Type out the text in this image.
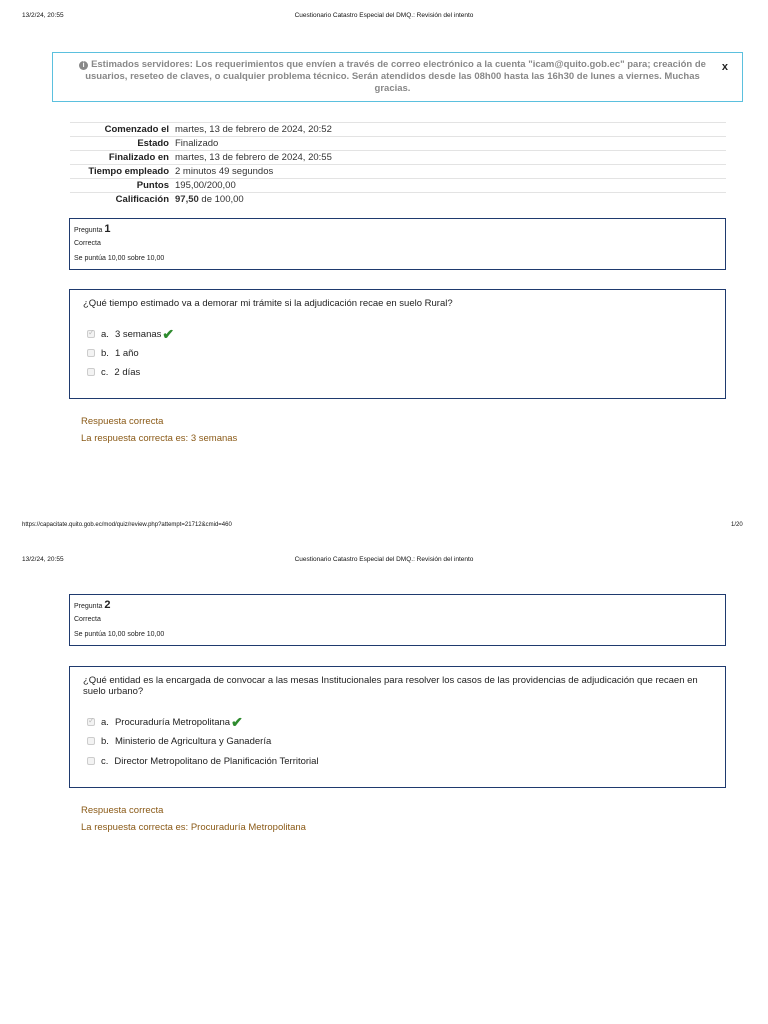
13/2/24, 20:55	Cuestionario Catastro Especial del DMQ.: Revisión del intento
i Estimados servidores: Los requerimientos que envíen a través de correo electrónico a la cuenta "icam@quito.gob.ec" para; creación de usuarios, reseteo de claves, o cualquier problema técnico. Serán atendidos desde las 08h00 hasta las 16h30 de lunes a viernes. Muchas gracias.
x
Comenzado el	martes, 13 de febrero de 2024, 20:52
Estado	Finalizado
Finalizado en	martes, 13 de febrero de 2024, 20:55
Tiempo empleado	2 minutos 49 segundos
Puntos	195,00/200,00
Calificación	97,50 de 100,00
Pregunta 1
Correcta
Se puntúa 10,00 sobre 10,00
¿Qué tiempo estimado va a demorar mi trámite si la adjudicación recae en suelo Rural?
✓
a. 3 semanas ✔
b. 1 año
c. 2 días
Respuesta correcta
La respuesta correcta es: 3 semanas
https://capacitate.quito.gob.ec/mod/quiz/review.php?attempt=21712&cmid=460	1/20
13/2/24, 20:55	Cuestionario Catastro Especial del DMQ.: Revisión del intento
Pregunta 2
Correcta
Se puntúa 10,00 sobre 10,00
¿Qué entidad es la encargada de convocar a las mesas Institucionales para resolver los casos de las providencias de adjudicación que recaen en suelo urbano?
✓
a. Procuraduría Metropolitana ✔
b. Ministerio de Agricultura y Ganadería
c. Director Metropolitano de Planificación Territorial
Respuesta correcta
La respuesta correcta es: Procuraduría Metropolitana
